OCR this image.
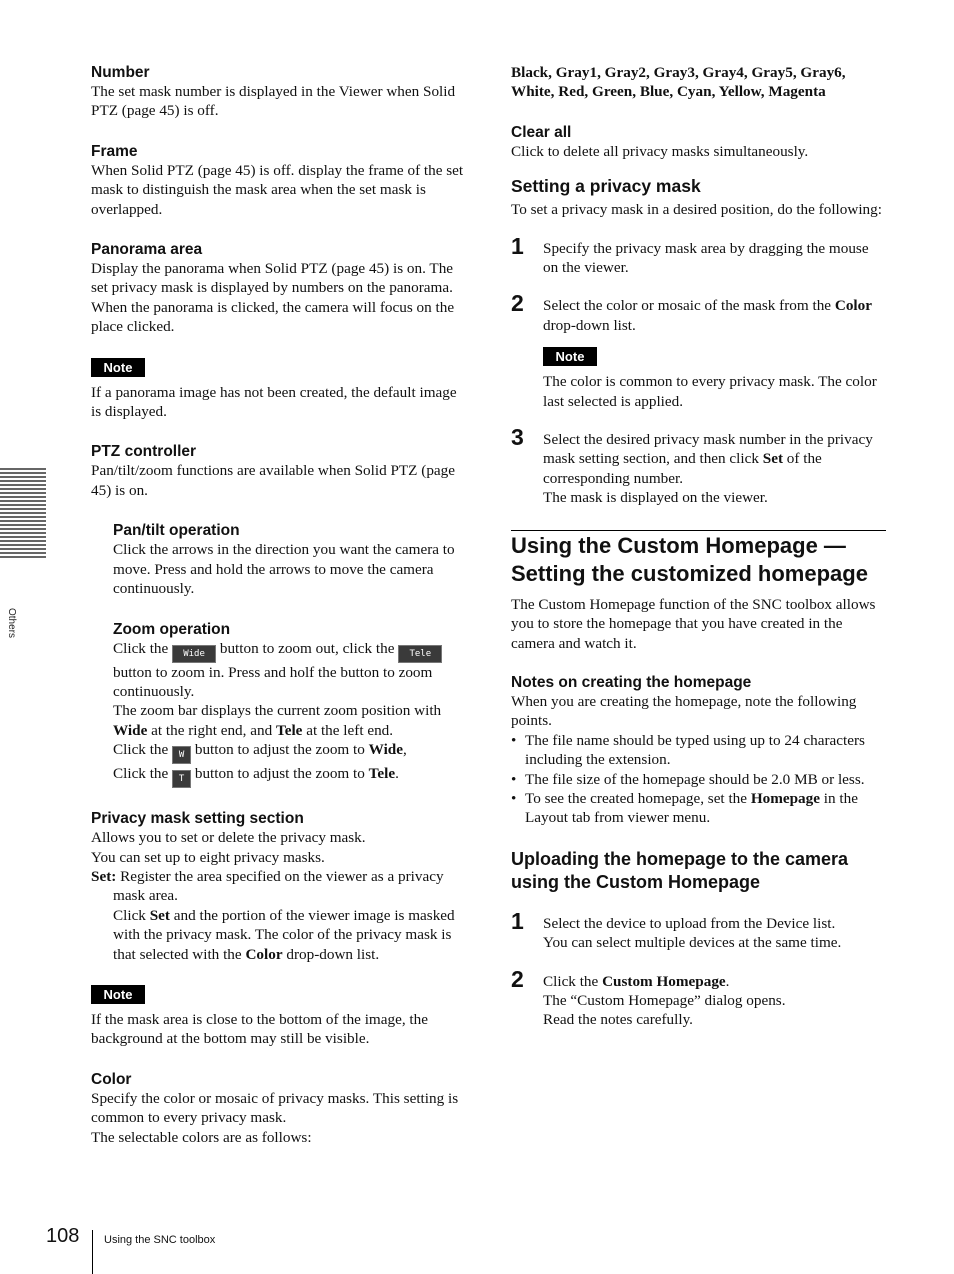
Others

Number

The set mask number is displayed in the Viewer when Solid PTZ (page 45) is off.

Frame

When Solid PTZ (page 45) is off. display the frame of the set mask to distinguish the mask area when the set mask is overlapped.

Panorama area

Display the panorama when Solid PTZ (page 45) is on. The set privacy mask is displayed by numbers on the panorama. When the panorama is clicked, the camera will focus on the place clicked.

Note

If a panorama image has not been created, the default image is displayed.

PTZ controller

Pan/tilt/zoom functions are available when Solid PTZ (page 45) is on.

Pan/tilt operation

Click the arrows in the direction you want the camera to move. Press and hold the arrows to move the camera continuously.

Zoom operation

Click the Wide button to zoom out, click the Tele button to zoom in. Press and holf the button to zoom continuously.

The zoom bar displays the current zoom position with Wide at the right end, and Tele at the left end.
Click the W button to adjust the zoom to Wide,
Click the T button to adjust the zoom to Tele.

Privacy mask setting section

Allows you to set or delete the privacy mask.

You can set up to eight privacy masks.

Set: Register the area specified on the viewer as a privacy mask area.

Click Set and the portion of the viewer image is masked with the privacy mask. The color of the privacy mask is that selected with the Color drop-down list.

Note

If the mask area is close to the bottom of the image, the background at the bottom may still be visible.

Color

Specify the color or mosaic of privacy masks. This setting is common to every privacy mask.

The selectable colors are as follows:

Black, Gray1, Gray2, Gray3, Gray4, Gray5, Gray6,
White, Red, Green, Blue, Cyan, Yellow, Magenta

Clear all

Click to delete all privacy masks simultaneously.

Setting a privacy mask

To set a privacy mask in a desired position, do the following:

1 Specify the privacy mask area by dragging the mouse on the viewer.

2 Select the color or mosaic of the mask from the Color drop-down list.

Note

The color is common to every privacy mask. The color last selected is applied.

3 Select the desired privacy mask number in the privacy mask setting section, and then click Set of the corresponding number.
The mask is displayed on the viewer.

Using the Custom Homepage —
Setting the customized homepage

The Custom Homepage function of the SNC toolbox allows you to store the homepage that you have created in the camera and watch it.

Notes on creating the homepage

When you are creating the homepage, note the following points.

• The file name should be typed using up to 24 characters including the extension.

• The file size of the homepage should be 2.0 MB or less.

• To see the created homepage, set the Homepage in the Layout tab from viewer menu.

Uploading the homepage to the camera
using the Custom Homepage

1 Select the device to upload from the Device list.
You can select multiple devices at the same time.

2 Click the Custom Homepage.
The “Custom Homepage” dialog opens.
Read the notes carefully.

108 Using the SNC toolbox
